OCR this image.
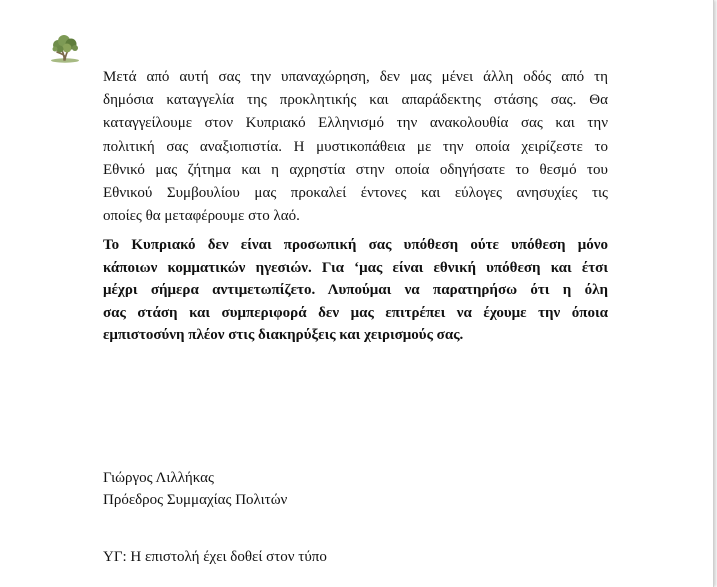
Μετά από αυτή σας την υπαναχώρηση, δεν μας μένει άλλη οδός από τη
δημόσια καταγγελία της προκλητικής και απαράδεκτης στάσης σας. Θα
καταγγείλουμε στον Κυπριακό Ελληνισμό την ανακολουθία σας και την
πολιτική σας αναξιοπιστία. Η μυστικοπάθεια με την οποία χειρίζεστε το
Εθνικό μας ζήτημα και η αχρηστία στην οποία οδηγήσατε το θεσμό του
Εθνικού Συμβουλίου μας προκαλεί έντονες και εύλογες ανησυχίες τις
οποίες θα μεταφέρουμε στο λαό.
Το Κυπριακό δεν είναι προσωπική σας υπόθεση ούτε υπόθεση μόνο
κάποιων κομματικών ηγεσιών. Για ‘μας είναι εθνική υπόθεση και έτσι
μέχρι σήμερα αντιμετωπίζετο. Λυπούμαι να παρατηρήσω ότι η όλη
σας στάση και συμπεριφορά δεν μας επιτρέπει να έχουμε την όποια
εμπιστοσύνη πλέον στις διακηρύξεις και χειρισμούς σας.
Γιώργος Λιλλήκας
Πρόεδρος Συμμαχίας Πολιτών
ΥΓ: Η επιστολή έχει δοθεί στον τύπο
